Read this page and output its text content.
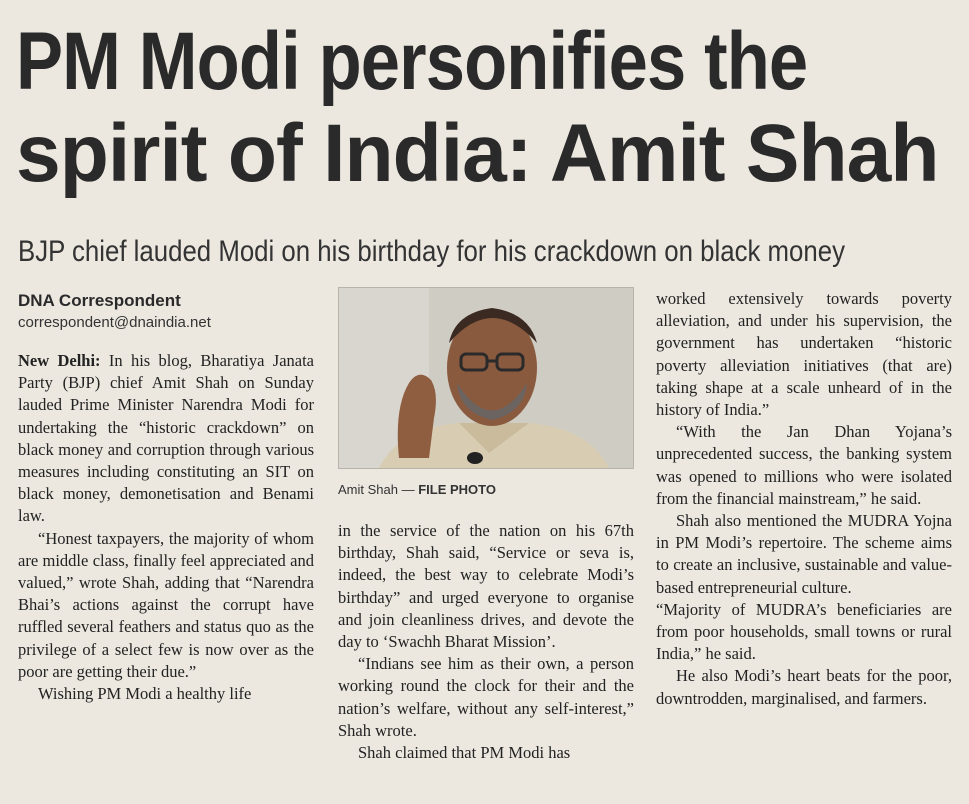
PM Modi personifies the
spirit of India: Amit Shah
BJP chief lauded Modi on his birthday for his crackdown on black money
DNA Correspondent
correspondent@dnaindia.net

New Delhi: In his blog, Bharatiya Janata Party (BJP) chief Amit Shah on Sunday lauded Prime Minister Narendra Modi for undertaking the “historic crackdown” on black money and corruption through various measures including constituting an SIT on black money, demonetisation and Benami law.

“Honest taxpayers, the majority of whom are middle class, finally feel appreciated and valued,” wrote Shah, adding that “Narendra Bhai’s actions against the corrupt have ruffled several feathers and status quo as the privilege of a select few is now over as the poor are getting their due.”

Wishing PM Modi a healthy life

Amit Shah — FILE PHOTO

in the service of the nation on his 67th birthday, Shah said, “Service or seva is, indeed, the best way to celebrate Modi’s birthday” and urged everyone to organise and join cleanliness drives, and devote the day to ‘Swachh Bharat Mission’.

“Indians see him as their own, a person working round the clock for their and the nation’s welfare, without any self-interest,” Shah wrote.

Shah claimed that PM Modi has

worked extensively towards poverty alleviation, and under his supervision, the government has undertaken “historic poverty alleviation initiatives (that are) taking shape at a scale unheard of in the history of India.”

“With the Jan Dhan Yojana’s unprecedented success, the banking system was opened to millions who were isolated from the financial mainstream,” he said.

Shah also mentioned the MUDRA Yojna in PM Modi’s repertoire. The scheme aims to create an inclusive, sustainable and value-based entrepreneurial culture.

“Majority of MUDRA’s beneficiaries are from poor households, small towns or rural India,” he said.

He also Modi’s heart beats for the poor, downtrodden, marginalised, and farmers.
